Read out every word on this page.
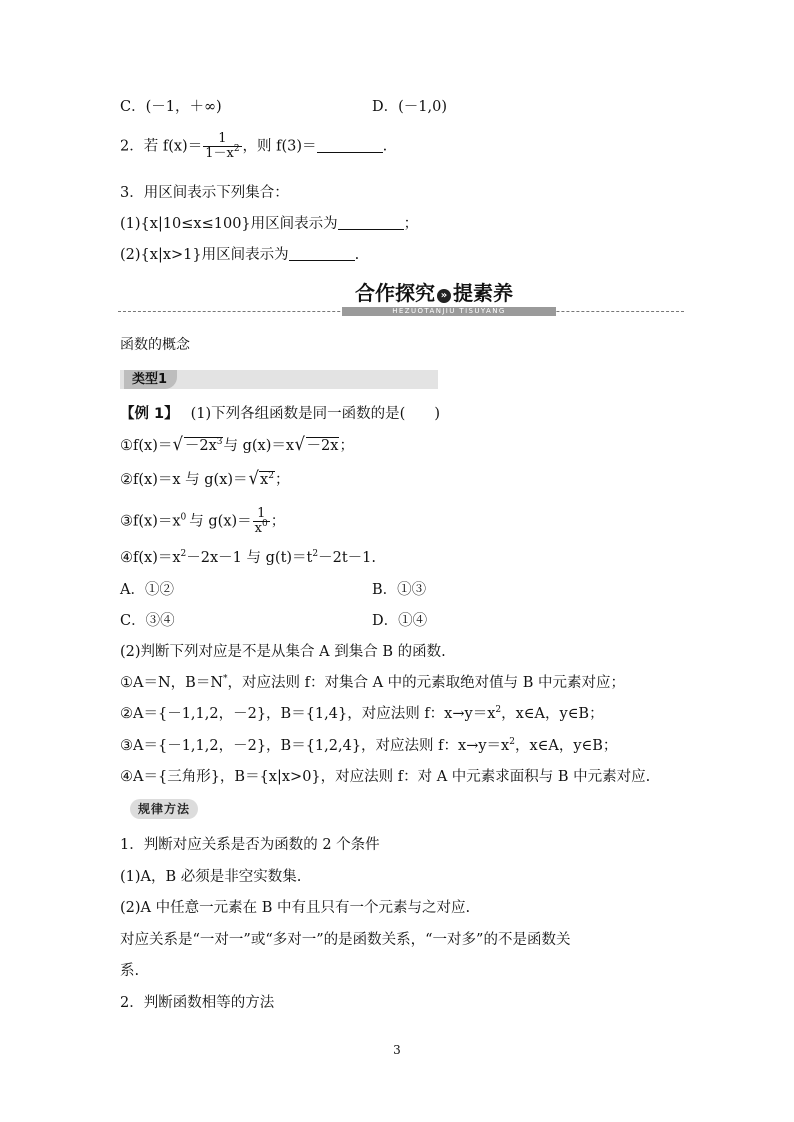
C．(－1，＋∞)	D．(－1,0)
2．若 $f(x)= \frac{1}{1-x^2}$ ，则 f(3)＝	.
3．用区间表示下列集合：
(1){x|10≤x≤100}用区间表示为	；
(2){x|x>1}用区间表示为	.
合作探究 » 提素养
HEZUOTANJIU TISUYANG
函数的概念
类型1
【例 1】 (1)下列各组函数是同一函数的是(　　)
①f(x)＝ √ $-2x^3$ 与 g(x)＝x √ －2x ；
②f(x)＝x 与 g(x)＝ √ $x^2$ ；
$③f(x)=x^0$ 与 $g(x)= \frac{1}{x^0}$ ；
$④f(x)=x^2-2x-1$ 与 $g(t)=t^2-2t-1$.
A．①②	B．①③
C．③④	D．①④
(2)判断下列对应是不是从集合 A 到集合 B 的函数.
①A＝N，B＝N*，对应法则 f：对集合 A 中的元素取绝对值与 B 中元素对应；
②A＝{－1,1,2，－2}，B＝{1,4}，对应法则 f：$x\to y=x^2$，x∈A，y∈B；
③A＝{－1,1,2，－2}，B＝{1,2,4}，对应法则 f：$x\to y=x^2$，x∈A，y∈B；
④A＝{三角形}，B＝{x|x>0}，对应法则 f：对 A 中元素求面积与 B 中元素对应.
规律方法
1．判断对应关系是否为函数的 2 个条件
(1)A，B 必须是非空实数集.
(2)A 中任意一元素在 B 中有且只有一个元素与之对应.
对应关系是“一对一”或“多对一”的是函数关系，“一对多”的不是函数关
系.
2．判断函数相等的方法
3
